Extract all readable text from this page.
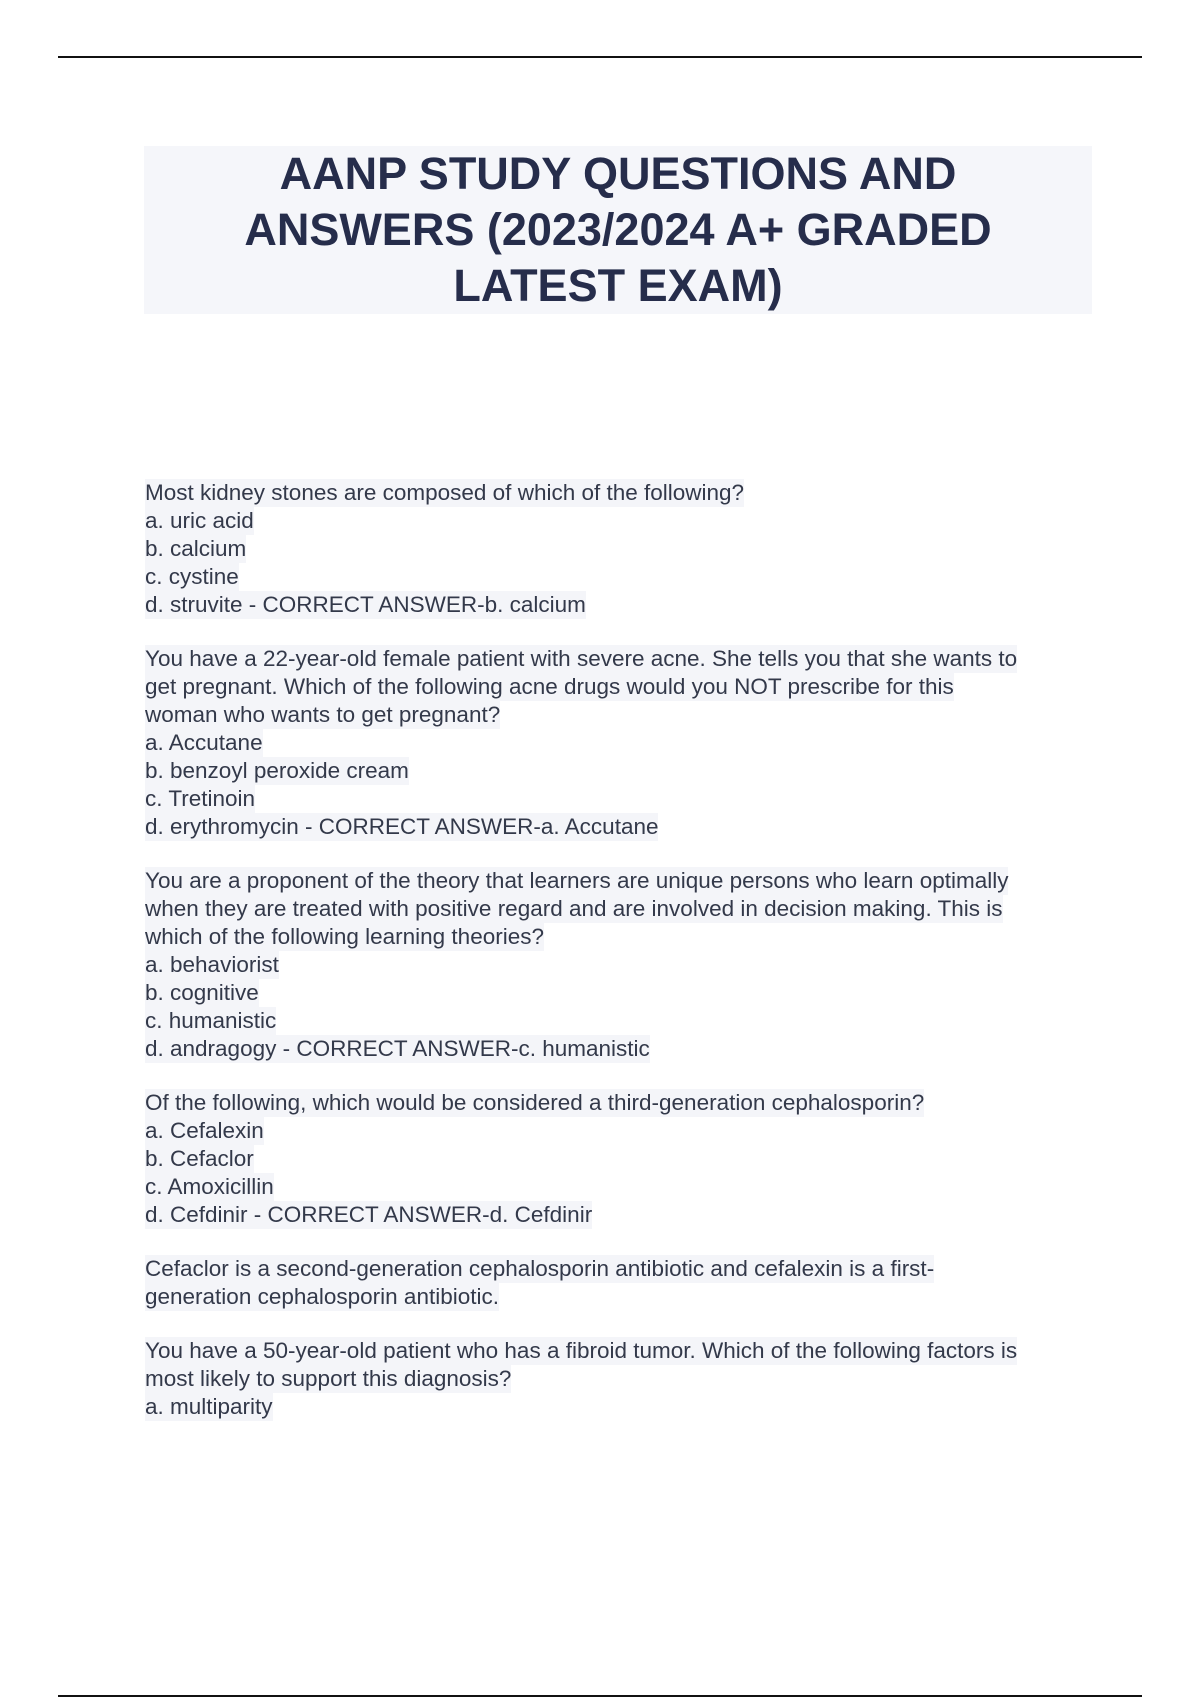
AANP STUDY QUESTIONS AND ANSWERS (2023/2024 A+ GRADED LATEST EXAM)
Most kidney stones are composed of which of the following?
a. uric acid
b. calcium
c. cystine
d. struvite - CORRECT ANSWER-b. calcium
You have a 22-year-old female patient with severe acne. She tells you that she wants to
get pregnant. Which of the following acne drugs would you NOT prescribe for this
woman who wants to get pregnant?
a. Accutane
b. benzoyl peroxide cream
c. Tretinoin
d. erythromycin - CORRECT ANSWER-a. Accutane
You are a proponent of the theory that learners are unique persons who learn optimally
when they are treated with positive regard and are involved in decision making. This is
which of the following learning theories?
a. behaviorist
b. cognitive
c. humanistic
d. andragogy - CORRECT ANSWER-c. humanistic
Of the following, which would be considered a third-generation cephalosporin?
a. Cefalexin
b. Cefaclor
c. Amoxicillin
d. Cefdinir - CORRECT ANSWER-d. Cefdinir
Cefaclor is a second-generation cephalosporin antibiotic and cefalexin is a first-
generation cephalosporin antibiotic.
You have a 50-year-old patient who has a fibroid tumor. Which of the following factors is
most likely to support this diagnosis?
a. multiparity
